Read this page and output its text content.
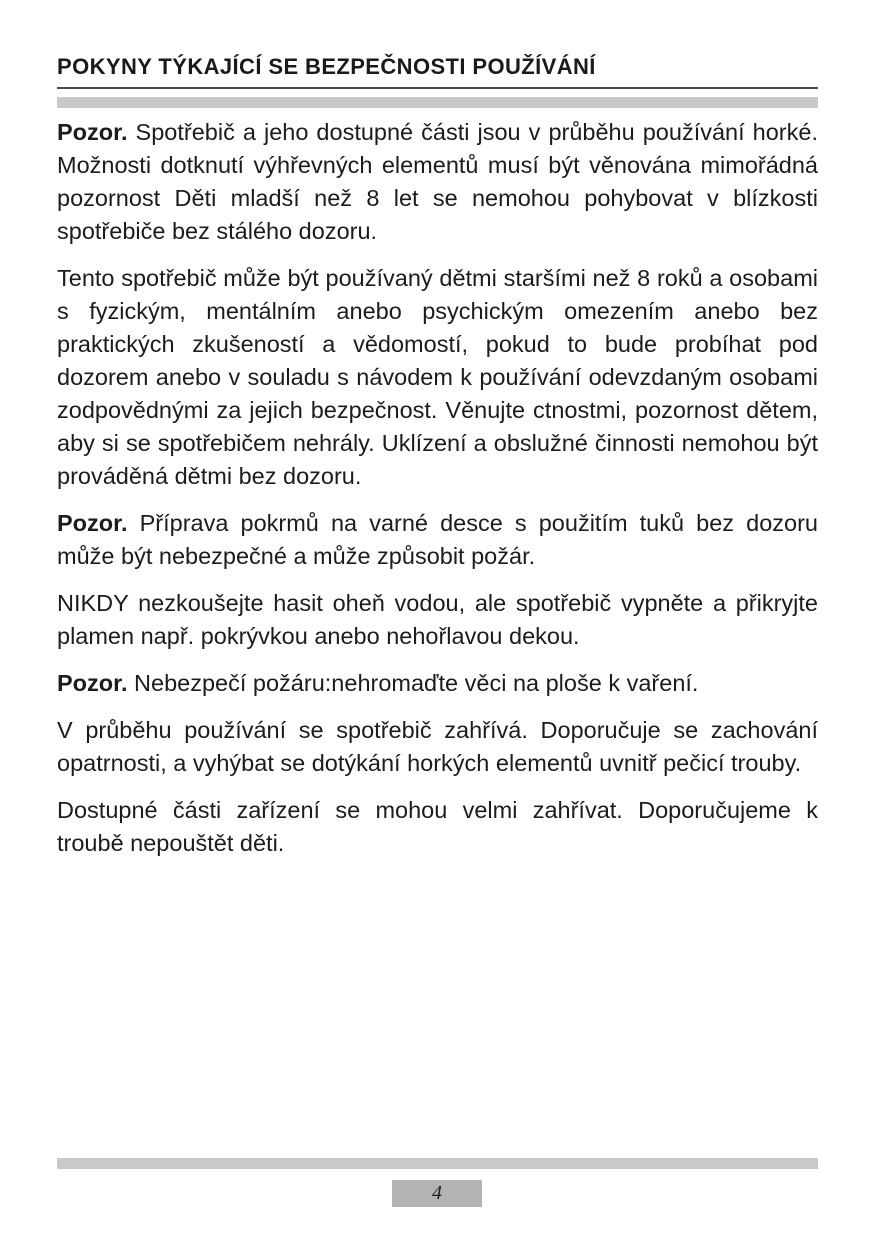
POKYNY TÝKAJÍCÍ SE BEZPEČNOSTI POUŽÍVÁNÍ

Pozor. Spotřebič a jeho dostupné části jsou v průběhu používání horké. Možnosti dotknutí výhřevných elementů musí být věnována mimořádná pozornost Děti mladší než 8 let se nemohou pohybovat v blízkosti spotřebiče bez stálého dozoru.

Tento spotřebič může být používaný dětmi staršími než 8 roků a osobami s fyzickým, mentálním anebo psychickým omezením anebo bez praktických zkušeností a vědomostí, pokud to bude probíhat pod dozorem anebo v souladu s návodem k používání odevzdaným osobami zodpovědnými za jejich bezpečnost. Věnujte ctnostmi, pozornost dětem, aby si se spotřebičem nehrály. Uklízení a obslužné činnosti nemohou být prováděná dětmi bez dozoru.

Pozor. Příprava pokrmů na varné desce s použitím tuků bez dozoru může být nebezpečné a může způsobit požár.

NIKDY nezkoušejte hasit oheň vodou, ale spotřebič vypněte a přikryjte plamen např. pokrývkou anebo nehořlavou dekou.

Pozor. Nebezpečí požáru:nehromaďte věci na ploše k vaření.

V průběhu používání se spotřebič zahřívá. Doporučuje se zachování opatrnosti, a vyhýbat se dotýkání horkých elementů uvnitř pečicí trouby.

Dostupné části zařízení se mohou velmi zahřívat. Doporučujeme k troubě nepouštět děti.

4
